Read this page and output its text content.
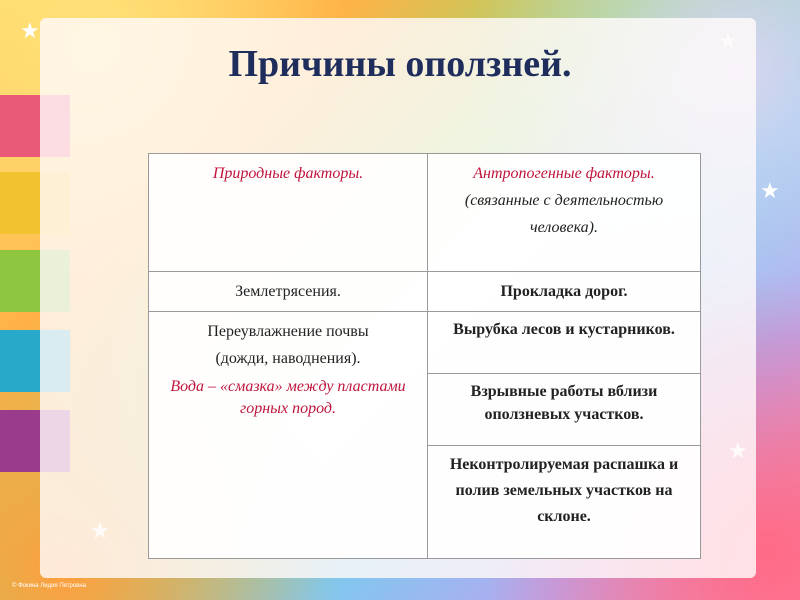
★
★
Причины оползней.
Природные факторы.	Антропогенные факторы.
(связанные с деятельностью человека).

Землетрясения.	Прокладка дорог.

Переувлажнение почвы
(дожди, наводнения).
Вода – «смазка» между пластами горных пород.	Вырубка лесов и кустарников.
	Взрывные работы вблизи оползневых участков.
	Неконтролируемая распашка и полив земельных участков на склоне.
© Фокина Лидия Петровна
